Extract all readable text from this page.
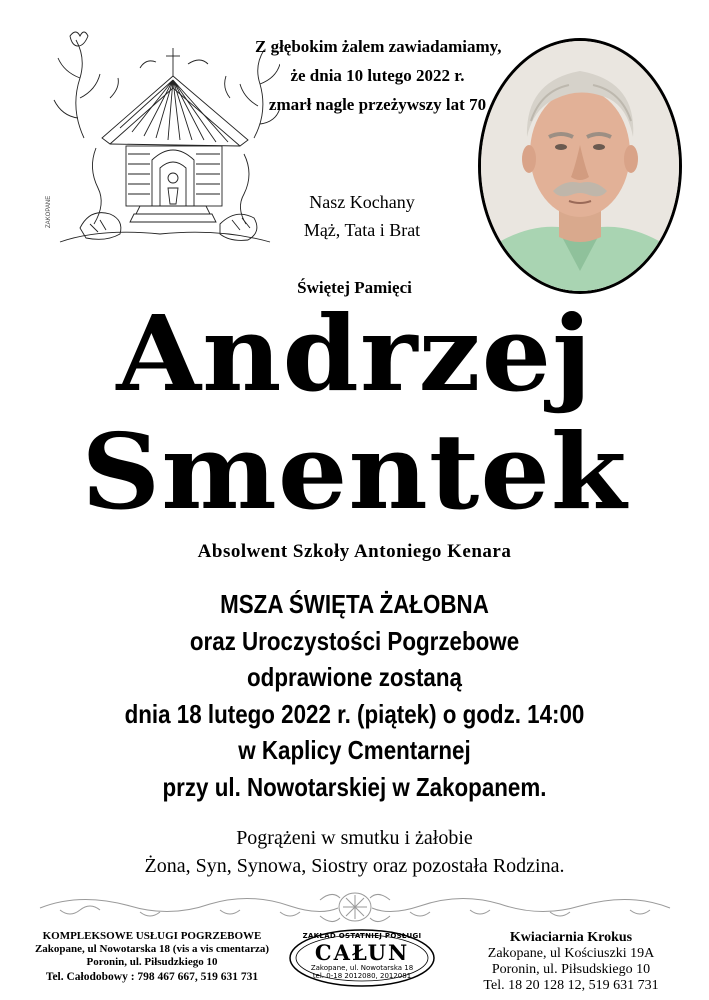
ZAKOPANE
Z głębokim żalem zawiadamiamy,
że dnia 10 lutego 2022 r.
zmarł nagle przeżywszy lat 70
Nasz Kochany
Mąż, Tata i Brat
Świętej Pamięci
Andrzej
Smentek
Absolwent Szkoły Antoniego Kenara
MSZA ŚWIĘTA ŻAŁOBNA
oraz Uroczystości Pogrzebowe
odprawione zostaną
dnia 18 lutego 2022 r. (piątek) o godz. 14:00
w Kaplicy Cmentarnej
przy ul. Nowotarskiej w Zakopanem.
Pogrążeni w smutku i żałobie
Żona, Syn, Synowa, Siostry oraz pozostała Rodzina.
KOMPLEKSOWE USŁUGI POGRZEBOWE
Zakopane, ul Nowotarska 18 (vis a vis cmentarza)
Poronin, ul. Piłsudzkiego 10
Tel. Całodobowy : 798 467 667, 519 631 731
ZAKŁAD OSTATNIEJ POSŁUGI
CAŁUN
Zakopane, ul. Nowotarska 18
tel. 0-18 2012080, 2012081
Kwiaciarnia Krokus
Zakopane, ul Kościuszki 19A
Poronin, ul. Piłsudskiego 10
Tel. 18 20 128 12, 519 631 731
